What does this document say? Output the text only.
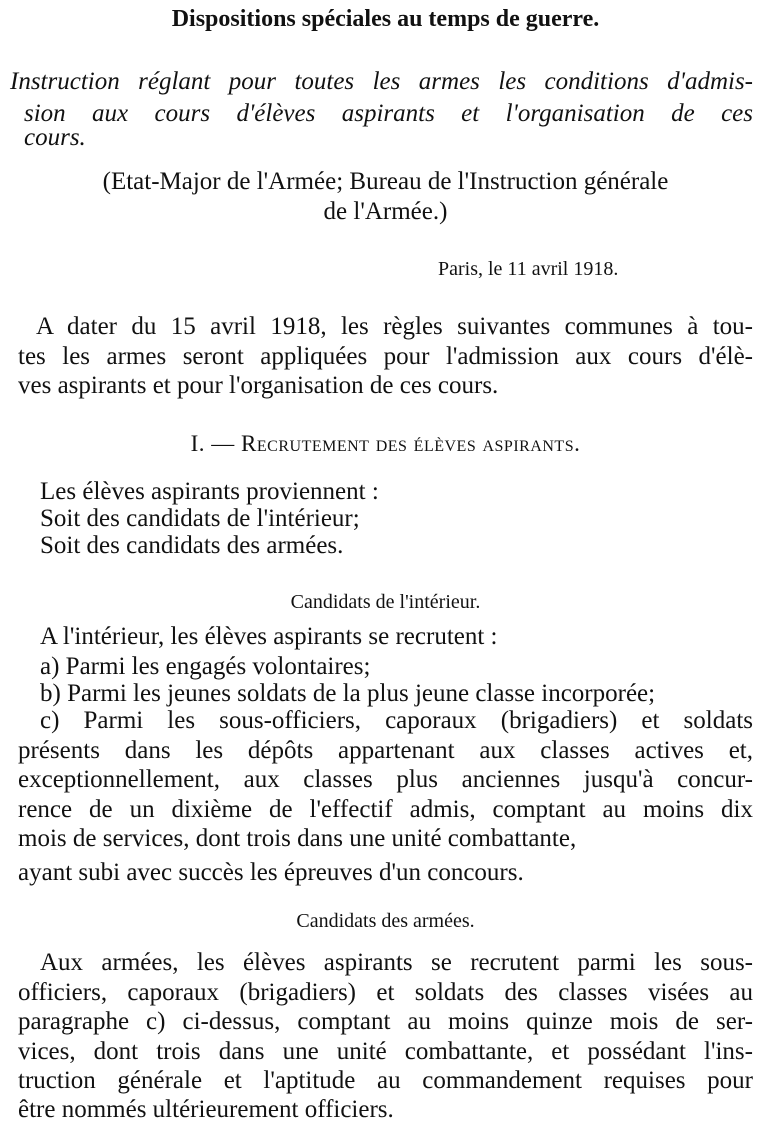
Dispositions spéciales au temps de guerre.
Instruction réglant pour toutes les armes les conditions d'admis-
sion aux cours d'élèves aspirants et l'organisation de ces
cours.
(Etat-Major de l'Armée; Bureau de l'Instruction générale
de l'Armée.)
Paris, le 11 avril 1918.
A dater du 15 avril 1918, les règles suivantes communes à tou-
tes les armes seront appliquées pour l'admission aux cours d'élè-
ves aspirants et pour l'organisation de ces cours.
I. — Recrutement des élèves aspirants.
Les élèves aspirants proviennent :
Soit des candidats de l'intérieur;
Soit des candidats des armées.
Candidats de l'intérieur.
A l'intérieur, les élèves aspirants se recrutent :
a) Parmi les engagés volontaires;
b) Parmi les jeunes soldats de la plus jeune classe incorporée;
c) Parmi les sous-officiers, caporaux (brigadiers) et soldats
présents dans les dépôts appartenant aux classes actives et,
exceptionnellement, aux classes plus anciennes jusqu'à concur-
rence de un dixième de l'effectif admis, comptant au moins dix
mois de services, dont trois dans une unité combattante,
ayant subi avec succès les épreuves d'un concours.
Candidats des armées.
Aux armées, les élèves aspirants se recrutent parmi les sous-
officiers, caporaux (brigadiers) et soldats des classes visées au
paragraphe c) ci-dessus, comptant au moins quinze mois de ser-
vices, dont trois dans une unité combattante, et possédant l'ins-
truction générale et l'aptitude au commandement requises pour
être nommés ultérieurement officiers.
